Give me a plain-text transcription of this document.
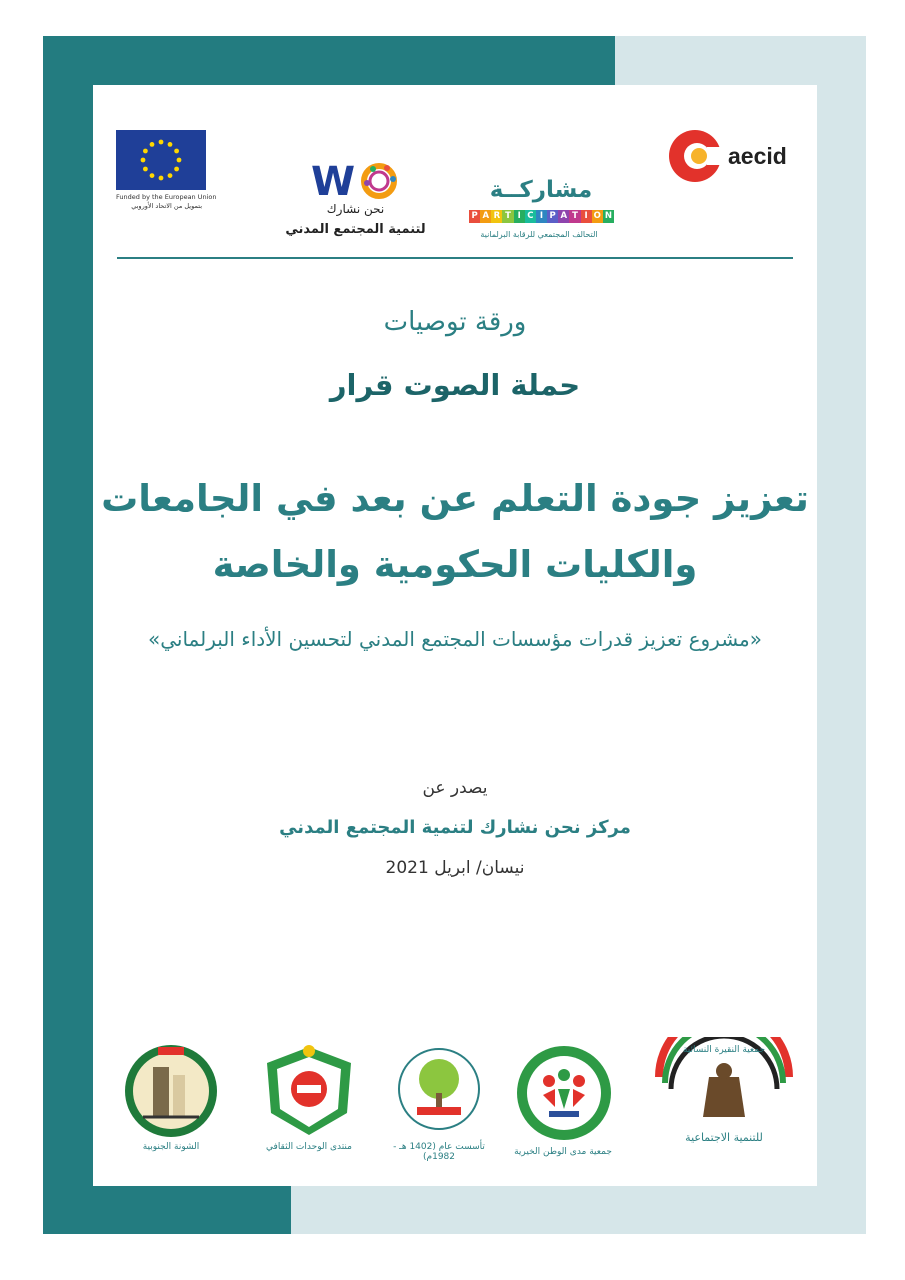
Funded by the European Union
بتمويل من الاتحاد الأوروبي
W
نحن نشارك
لتنمية المجتمع المدني
مشاركــة
P A R T I C I P A T I O N
التحالف المجتمعي للرقابة البرلمانية
aecid
ورقة توصيات
حملة الصوت قرار
تعزيز جودة التعلم عن بعد في الجامعات
والكليات الحكومية والخاصة
«مشروع تعزيز قدرات مؤسسات المجتمع المدني لتحسين الأداء البرلماني»
يصدر عن
مركز نحن نشارك لتنمية المجتمع المدني
نيسان/ ابريل 2021
الشونة الجنوبية	منتدى الوحدات الثقافي	تأسست عام (1402 هـ - 1982م)	جمعية مدى الوطن الخيرية
جمعية النقيرة النسائية
للتنمية الاجتماعية
